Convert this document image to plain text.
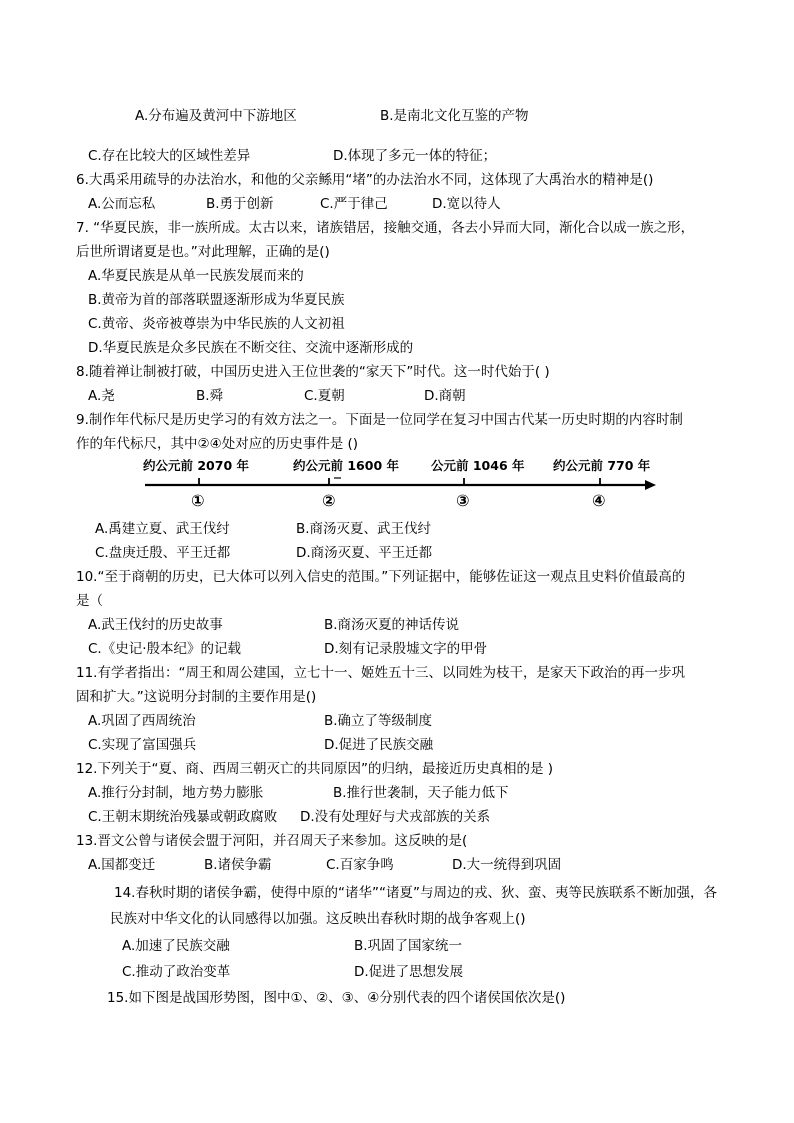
A.分布遍及黄河中下游地区	B.是南北文化互鉴的产物
C.存在比较大的区域性差异	D.体现了多元一体的特征；
6.大禹采用疏导的办法治水，和他的父亲鲧用“堵”的办法治水不同，这体现了大禹治水的精神是()
A.公而忘私	B.勇于创新	C.严于律己	D.宽以待人
7. “华夏民族，非一族所成。太古以来，诸族错居，接触交通，各去小异而大同，渐化合以成一族之形，
后世所谓诸夏是也。”对此理解，正确的是()
A.华夏民族是从单一民族发展而来的
B.黄帝为首的部落联盟逐渐形成为华夏民族
C.黄帝、炎帝被尊崇为中华民族的人文初祖
D.华夏民族是众多民族在不断交往、交流中逐渐形成的
8.随着禅让制被打破，中国历史进入王位世袭的“家天下”时代。这一时代始于( )
A.尧	B.舜	C.夏朝	D.商朝
9.制作年代标尺是历史学习的有效方法之一。下面是一位同学在复习中国古代某一历史时期的内容时制
作的年代标尺，其中②④处对应的历史事件是 ()
约公元前 2070 年	约公元前 1600 年	公元前 1046 年 约公元前 770 年
①	②	③	④
A.禹建立夏、武王伐纣	B.商汤灭夏、武王伐纣
C.盘庚迁殷、平王迁都	D.商汤灭夏、平王迁都
10.“至于商朝的历史，已大体可以列入信史的范围。”下列证据中，能够佐证这一观点且史料价值最高的
是（
A.武王伐纣的历史故事	B.商汤灭夏的神话传说
C.《史记·殷本纪》的记载	D.刻有记录殷墟文字的甲骨
11.有学者指出：“周王和周公建国，立七十一、姬姓五十三、以同姓为枝干，是家天下政治的再一步巩
固和扩大。”这说明分封制的主要作用是()
A.巩固了西周统治	B.确立了等级制度
C.实现了富国强兵	D.促进了民族交融
12.下列关于“夏、商、西周三朝灭亡的共同原因”的归纳，最接近历史真相的是 )
A.推行分封制，地方势力膨胀	B.推行世袭制，天子能力低下
C.王朝末期统治残暴或朝政腐败 D.没有处理好与犬戎部族的关系
13.晋文公曾与诸侯会盟于河阳，并召周天子来参加。这反映的是(
A.国都变迁	B.诸侯争霸	C.百家争鸣	D.大一统得到巩固
14.春秋时期的诸侯争霸，使得中原的“诸华”“诸夏”与周边的戎、狄、蛮、夷等民族联系不断加强，各
民族对中华文化的认同感得以加强。这反映出春秋时期的战争客观上()
A.加速了民族交融	B.巩固了国家统一
C.推动了政治变革	D.促进了思想发展
15.如下图是战国形势图，图中①、②、③、④分别代表的四个诸侯国依次是()
